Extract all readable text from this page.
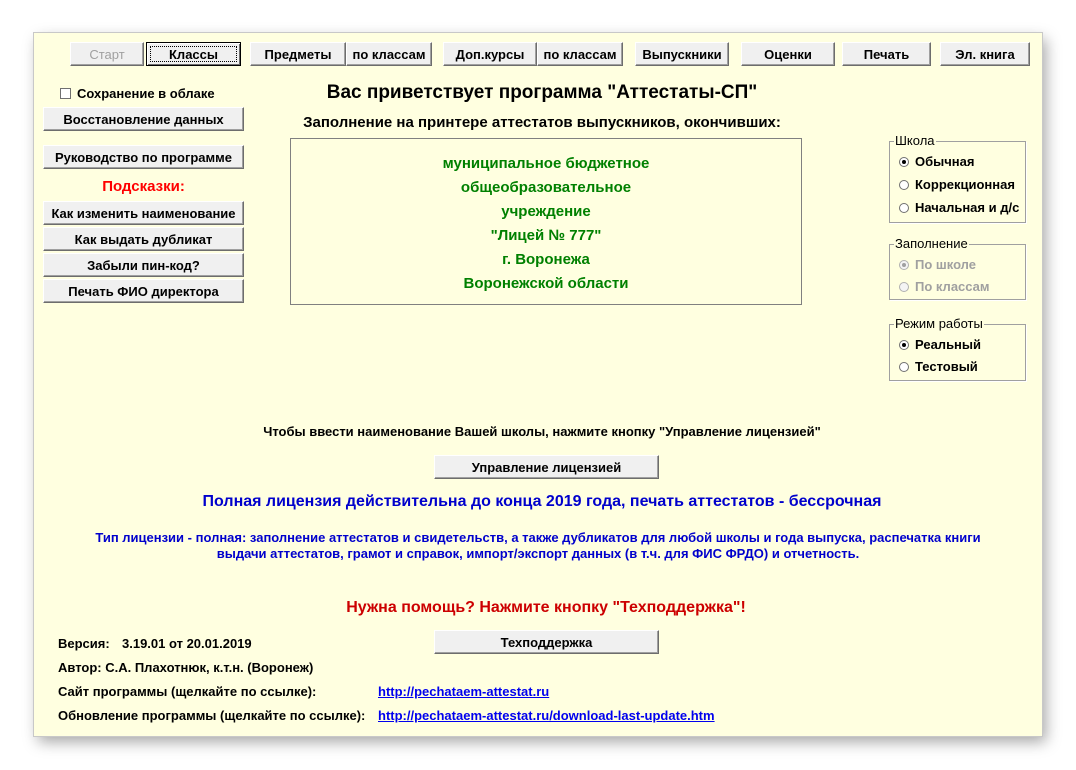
Старт	Классы	Предметы	по классам	Доп.курсы	по классам	Выпускники	Оценки	Печать	Эл. книга
Сохранение в облаке
Восстановление данных
Руководство по программе
Подсказки:
Как изменить наименование
Как выдать дубликат
Забыли пин-код?
Печать ФИО директора
Вас приветствует программа "Аттестаты-СП"
Заполнение на принтере аттестатов выпускников, окончивших:
муниципальное бюджетное
общеобразовательное
учреждение
"Лицей № 777"
г. Воронежа
Воронежской области
Школа
Обычная
Коррекционная
Начальная и д/с
Заполнение
По школе
По классам
Режим работы
Реальный
Тестовый
Чтобы ввести наименование Вашей школы, нажмите кнопку "Управление лицензией"
Управление лицензией
Полная лицензия действительна до конца 2019 года, печать аттестатов - бессрочная
Тип лицензии - полная: заполнение аттестатов и свидетельств, а также дубликатов для любой школы и года выпуска, распечатка книги
выдачи аттестатов, грамот и справок, импорт/экспорт данных (в т.ч. для ФИС ФРДО) и отчетность.
Нужна помощь? Нажмите кнопку "Техподдержка"!
Техподдержка
Версия: 3.19.01 от 20.01.2019
Автор: С.А. Плахотнюк, к.т.н. (Воронеж)
Сайт программы (щелкайте по ссылке):	http://pechataem-attestat.ru
Обновление программы (щелкайте по ссылке): http://pechataem-attestat.ru/download-last-update.htm
